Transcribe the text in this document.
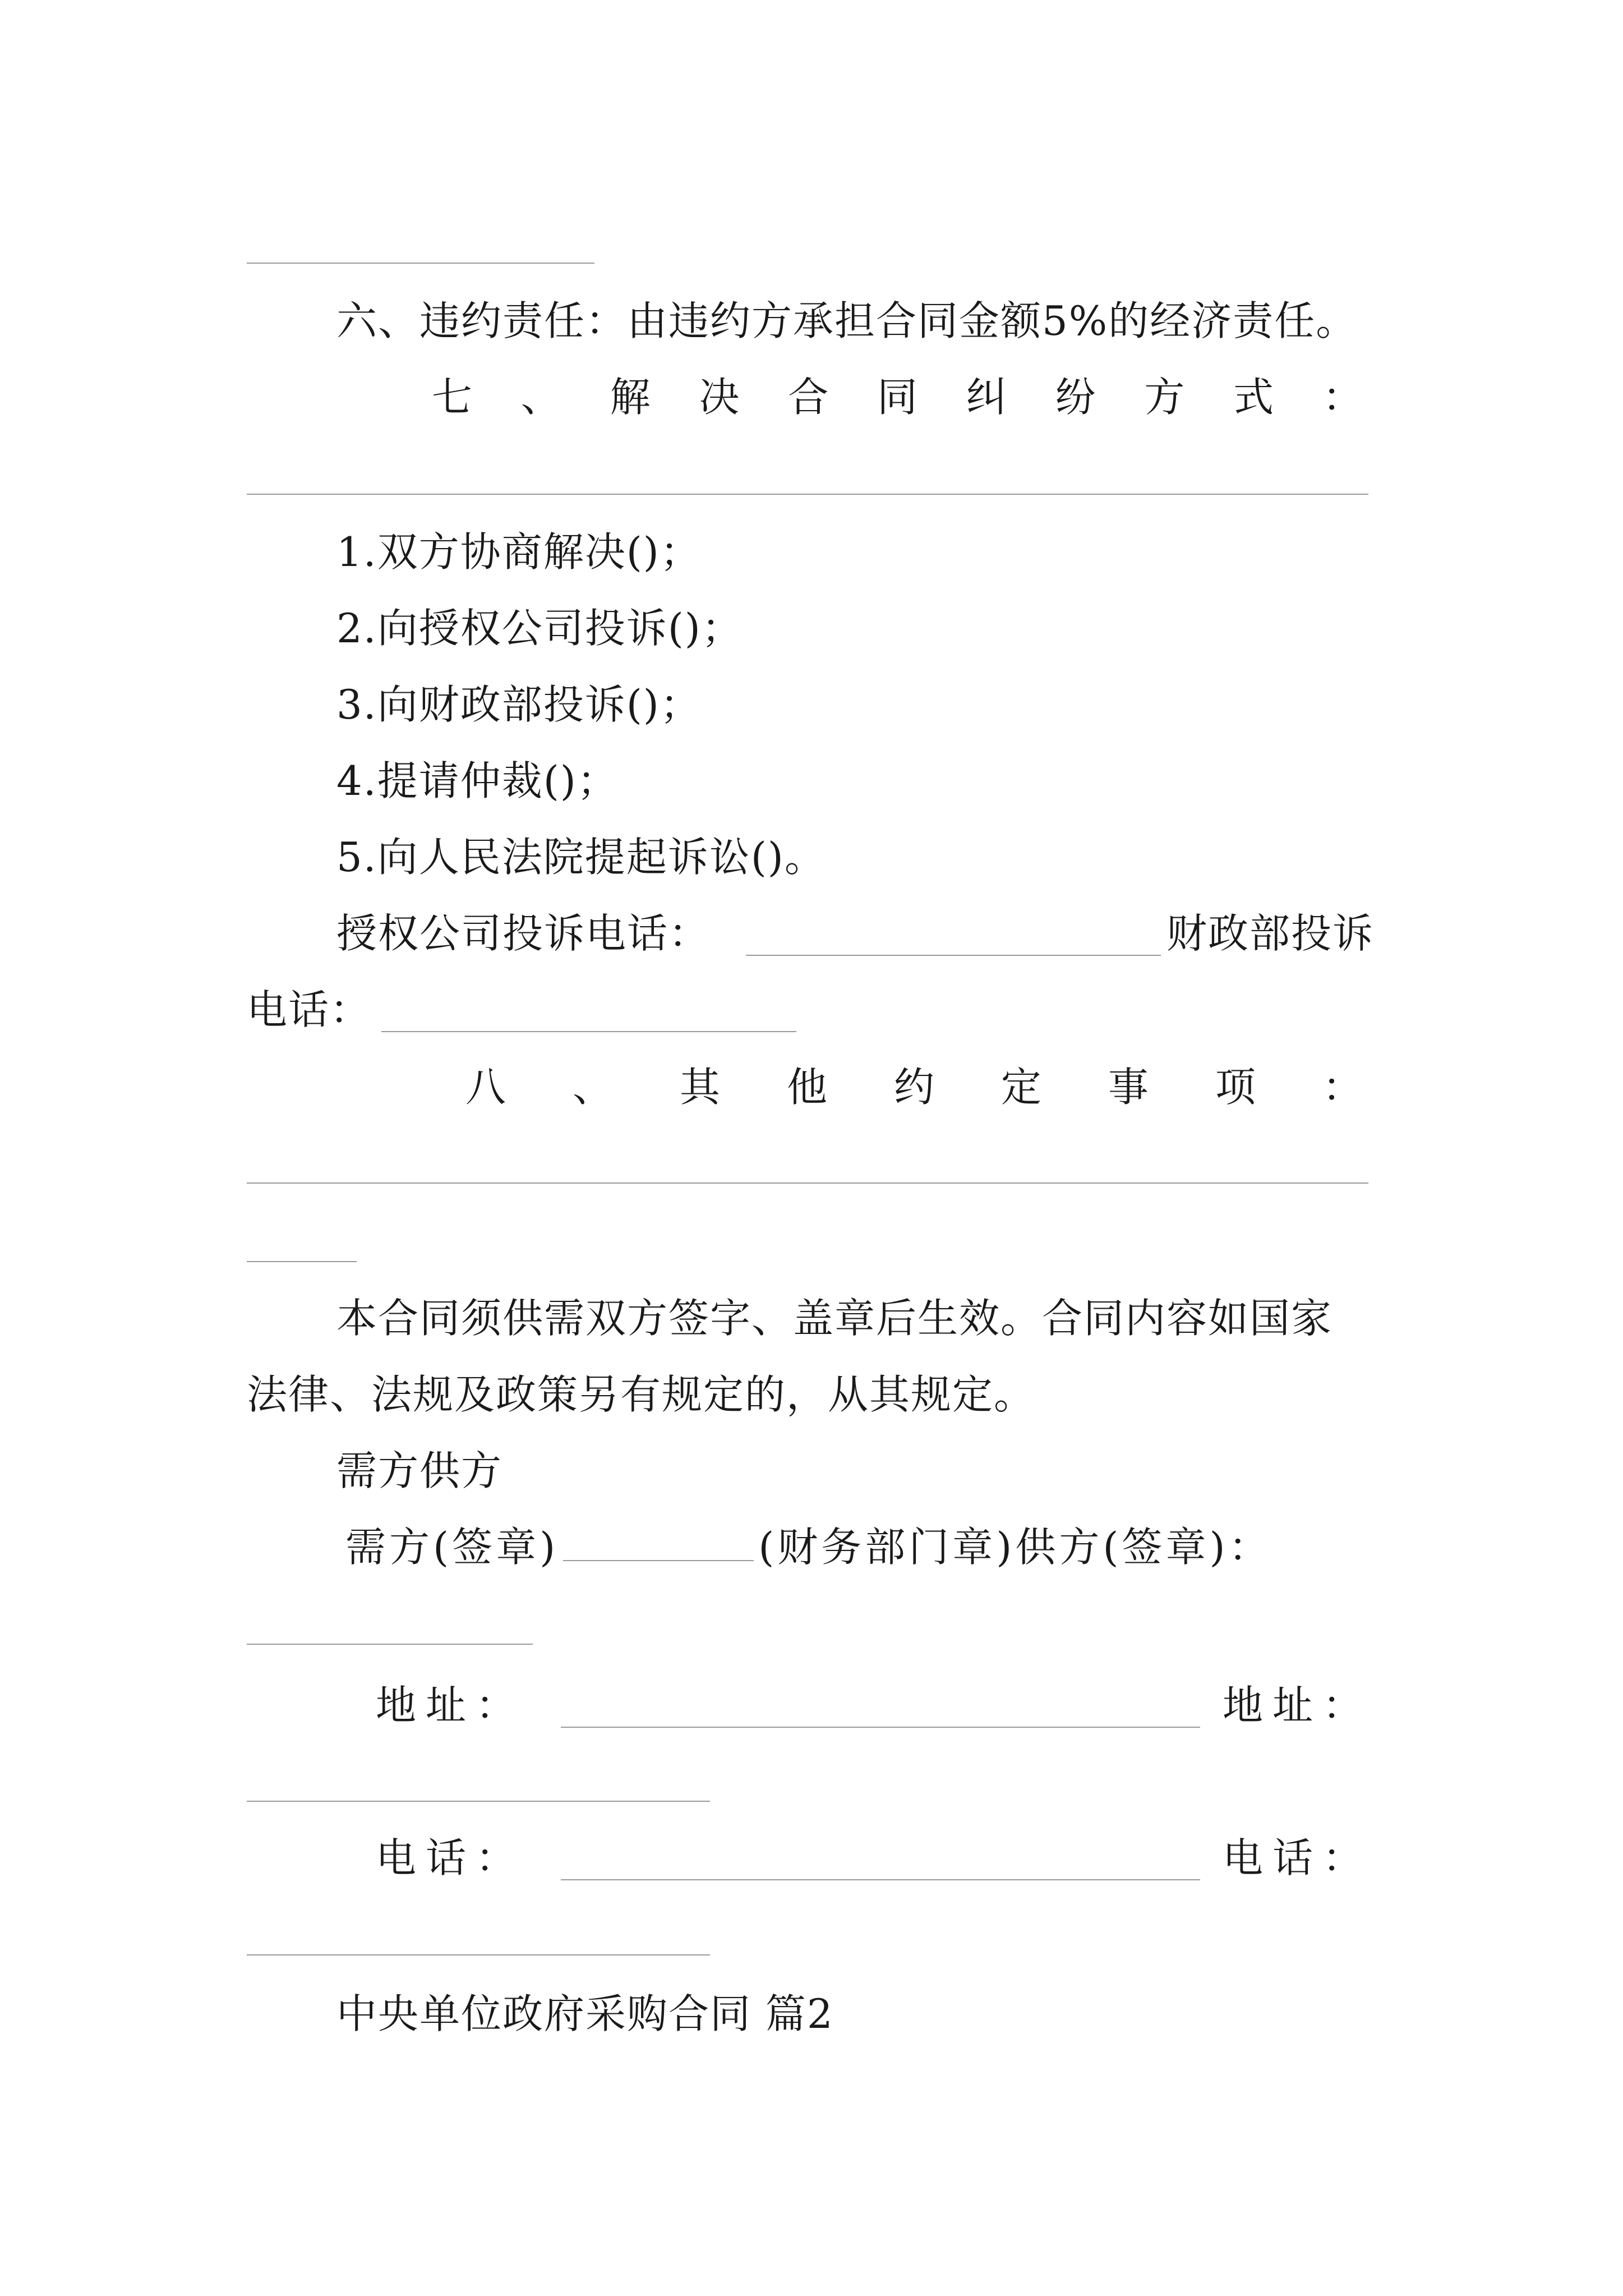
六、违约责任：由违约方承担合同金额5%的经济责任。
七 、 解 决 合 同 纠 纷 方 式 ：
1.双方协商解决()；
2.向授权公司投诉()；
3.向财政部投诉()；
4.提请仲裁()；
5.向人民法院提起诉讼()。
授权公司投诉电话：	财政部投诉
电话：
八 、 其 他 约 定 事 项 ：
本合同须供需双方签字、盖章后生效。合同内容如国家
法律、法规及政策另有规定的，从其规定。
需方供方
需方(签章)	(财务部门章)供方(签章)：
地 址 ：	地 址 ：
电 话 ：	电 话 ：
中央单位政府采购合同 篇2
